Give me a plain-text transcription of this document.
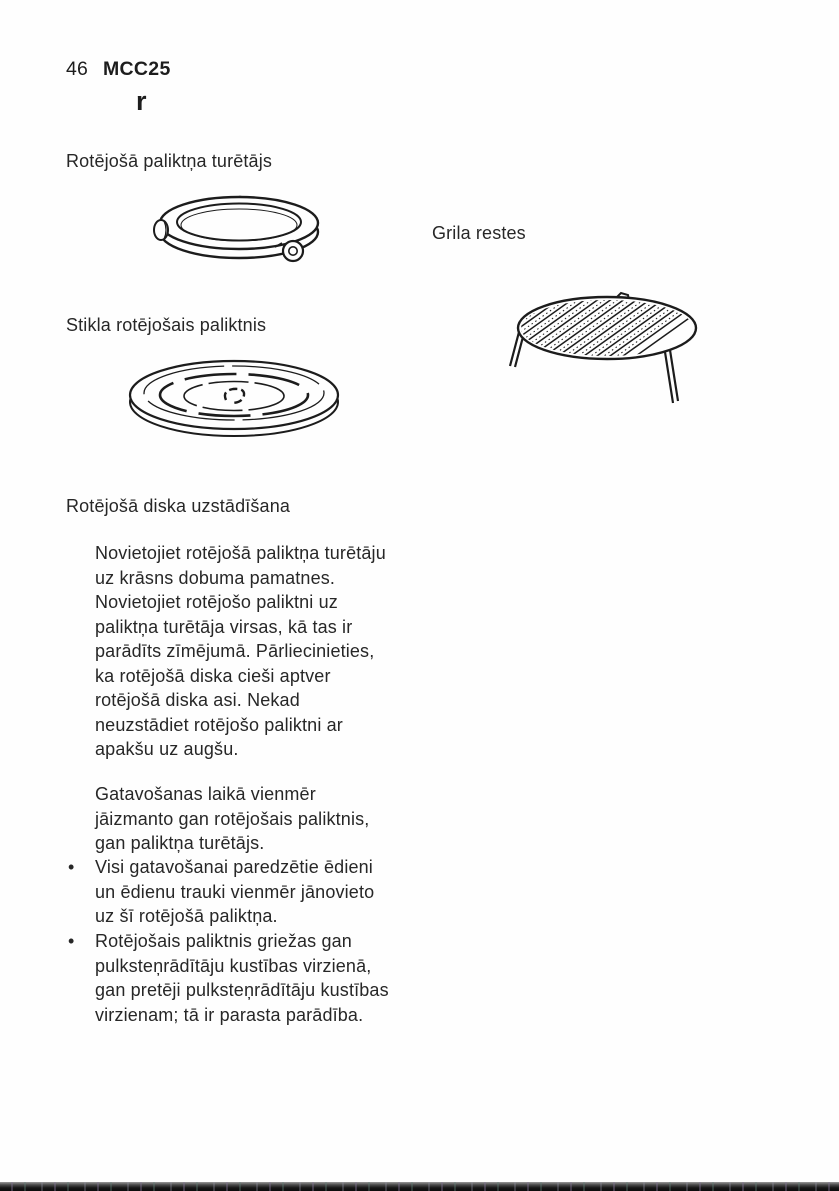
46 MCC25
r
Rotējošā paliktņa turētājs
Grila restes
Stikla rotējošais paliktnis
Rotējošā diska uzstādīšana
Novietojiet rotējošā paliktņa turētāju
uz krāsns dobuma pamatnes.
Novietojiet rotējošo paliktni uz
paliktņa turētāja virsas, kā tas ir
parādīts zīmējumā. Pārliecinieties,
ka rotējošā diska cieši aptver
rotējošā diska asi. Nekad
neuzstādiet rotējošo paliktni ar
apakšu uz augšu.
Gatavošanas laikā vienmēr
jāizmanto gan rotējošais paliktnis,
gan paliktņa turētājs.
•	Visi gatavošanai paredzētie ēdieni
un ēdienu trauki vienmēr jānovieto
uz šī rotējošā paliktņa.
•	Rotējošais paliktnis griežas gan
pulksteņrādītāju kustības virzienā,
gan pretēji pulksteņrādītāju kustības
virzienam; tā ir parasta parādība.
